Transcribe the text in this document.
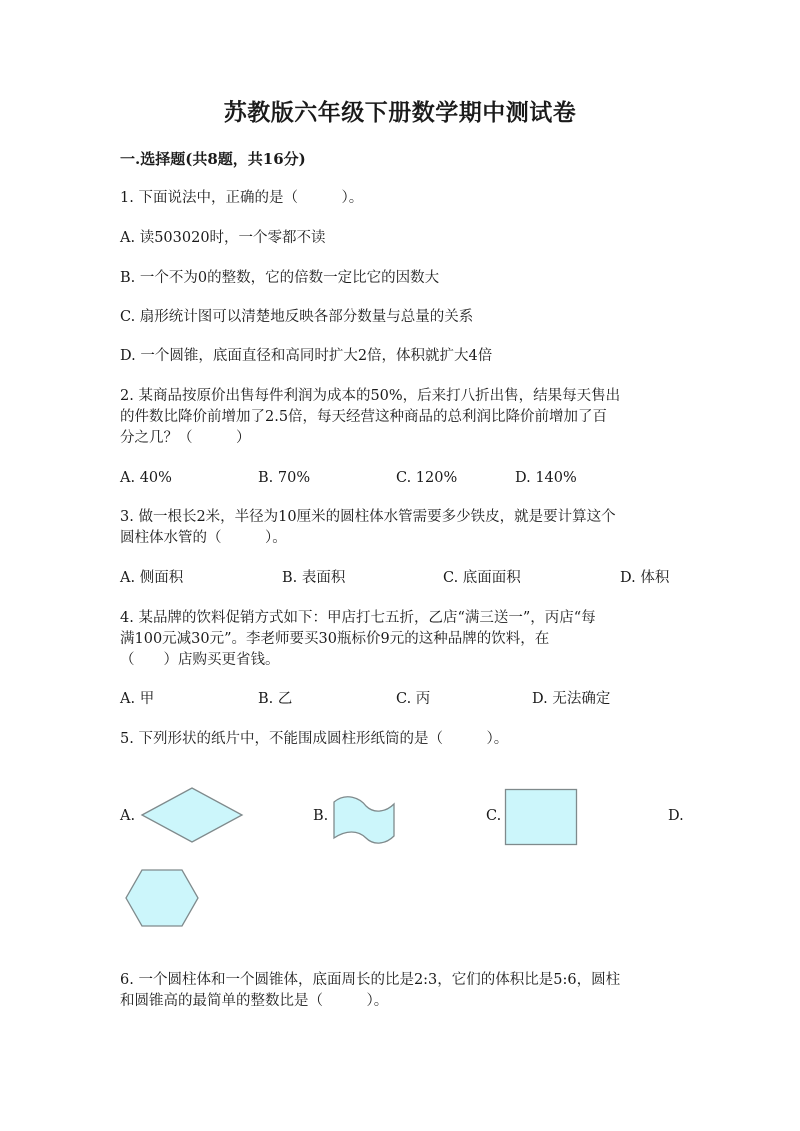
苏教版六年级下册数学期中测试卷
一.选择题(共8题，共16分)
1. 下面说法中，正确的是（　　　）。
A. 读503020时，一个零都不读
B. 一个不为0的整数，它的倍数一定比它的因数大
C. 扇形统计图可以清楚地反映各部分数量与总量的关系
D. 一个圆锥，底面直径和高同时扩大2倍，体积就扩大4倍
2. 某商品按原价出售每件利润为成本的50%，后来打八折出售，结果每天售出
的件数比降价前增加了2.5倍，每天经营这种商品的总利润比降价前增加了百
分之几？（　　　）
A. 40%	B. 70%	C. 120%	D. 140%
3. 做一根长2米，半径为10厘米的圆柱体水管需要多少铁皮，就是要计算这个
圆柱体水管的（　　　）。
A. 侧面积	B. 表面积	C. 底面面积	D. 体积
4. 某品牌的饮料促销方式如下：甲店打七五折，乙店“满三送一”，丙店“每
满100元减30元”。李老师要买30瓶标价9元的这种品牌的饮料，在
（　　）店购买更省钱。
A. 甲	B. 乙	C. 丙	D. 无法确定
5. 下列形状的纸片中，不能围成圆柱形纸筒的是（　　　）。
A.	B.	C.	D.
6. 一个圆柱体和一个圆锥体，底面周长的比是2:3，它们的体积比是5:6，圆柱
和圆锥高的最简单的整数比是（　　　）。
